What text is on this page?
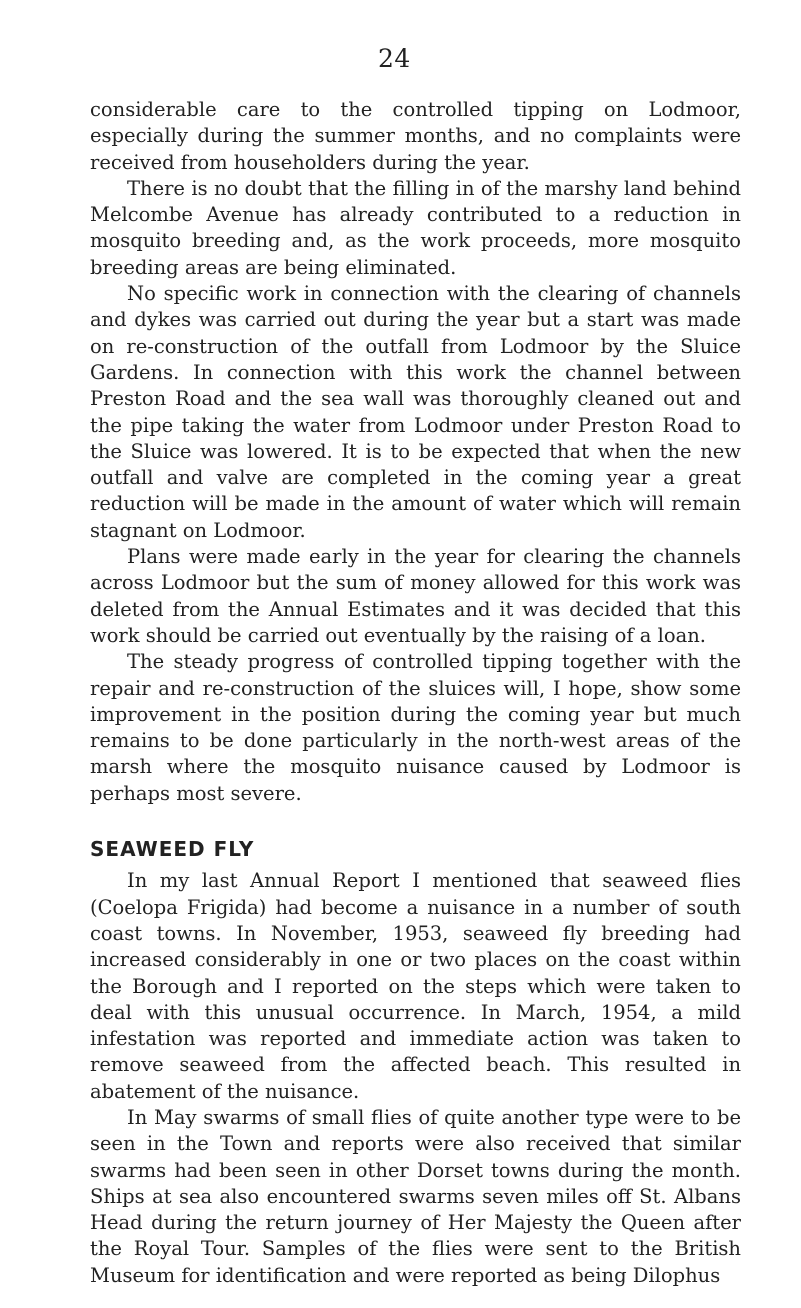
24

considerable care to the controlled tipping on Lodmoor, especially during the summer months, and no complaints were received from householders during the year.

There is no doubt that the filling in of the marshy land behind Melcombe Avenue has already contributed to a reduction in mosquito breeding and, as the work proceeds, more mosquito breeding areas are being eliminated.

No specific work in connection with the clearing of channels and dykes was carried out during the year but a start was made on re-construction of the outfall from Lodmoor by the Sluice Gardens. In connection with this work the channel between Preston Road and the sea wall was thoroughly cleaned out and the pipe taking the water from Lodmoor under Preston Road to the Sluice was lowered. It is to be expected that when the new outfall and valve are completed in the coming year a great reduction will be made in the amount of water which will remain stagnant on Lodmoor.

Plans were made early in the year for clearing the channels across Lodmoor but the sum of money allowed for this work was deleted from the Annual Estimates and it was decided that this work should be carried out eventually by the raising of a loan.

The steady progress of controlled tipping together with the repair and re-construction of the sluices will, I hope, show some improvement in the position during the coming year but much remains to be done particularly in the north-west areas of the marsh where the mosquito nuisance caused by Lodmoor is perhaps most severe.

SEAWEED FLY

In my last Annual Report I mentioned that seaweed flies (Coelopa Frigida) had become a nuisance in a number of south coast towns. In November, 1953, seaweed fly breeding had increased considerably in one or two places on the coast within the Borough and I reported on the steps which were taken to deal with this unusual occurrence. In March, 1954, a mild infestation was reported and immediate action was taken to remove seaweed from the affected beach. This resulted in abatement of the nuisance.

In May swarms of small flies of quite another type were to be seen in the Town and reports were also received that similar swarms had been seen in other Dorset towns during the month. Ships at sea also encountered swarms seven miles off St. Albans Head during the return journey of Her Majesty the Queen after the Royal Tour. Samples of the flies were sent to the British Museum for identification and were reported as being Dilophus
